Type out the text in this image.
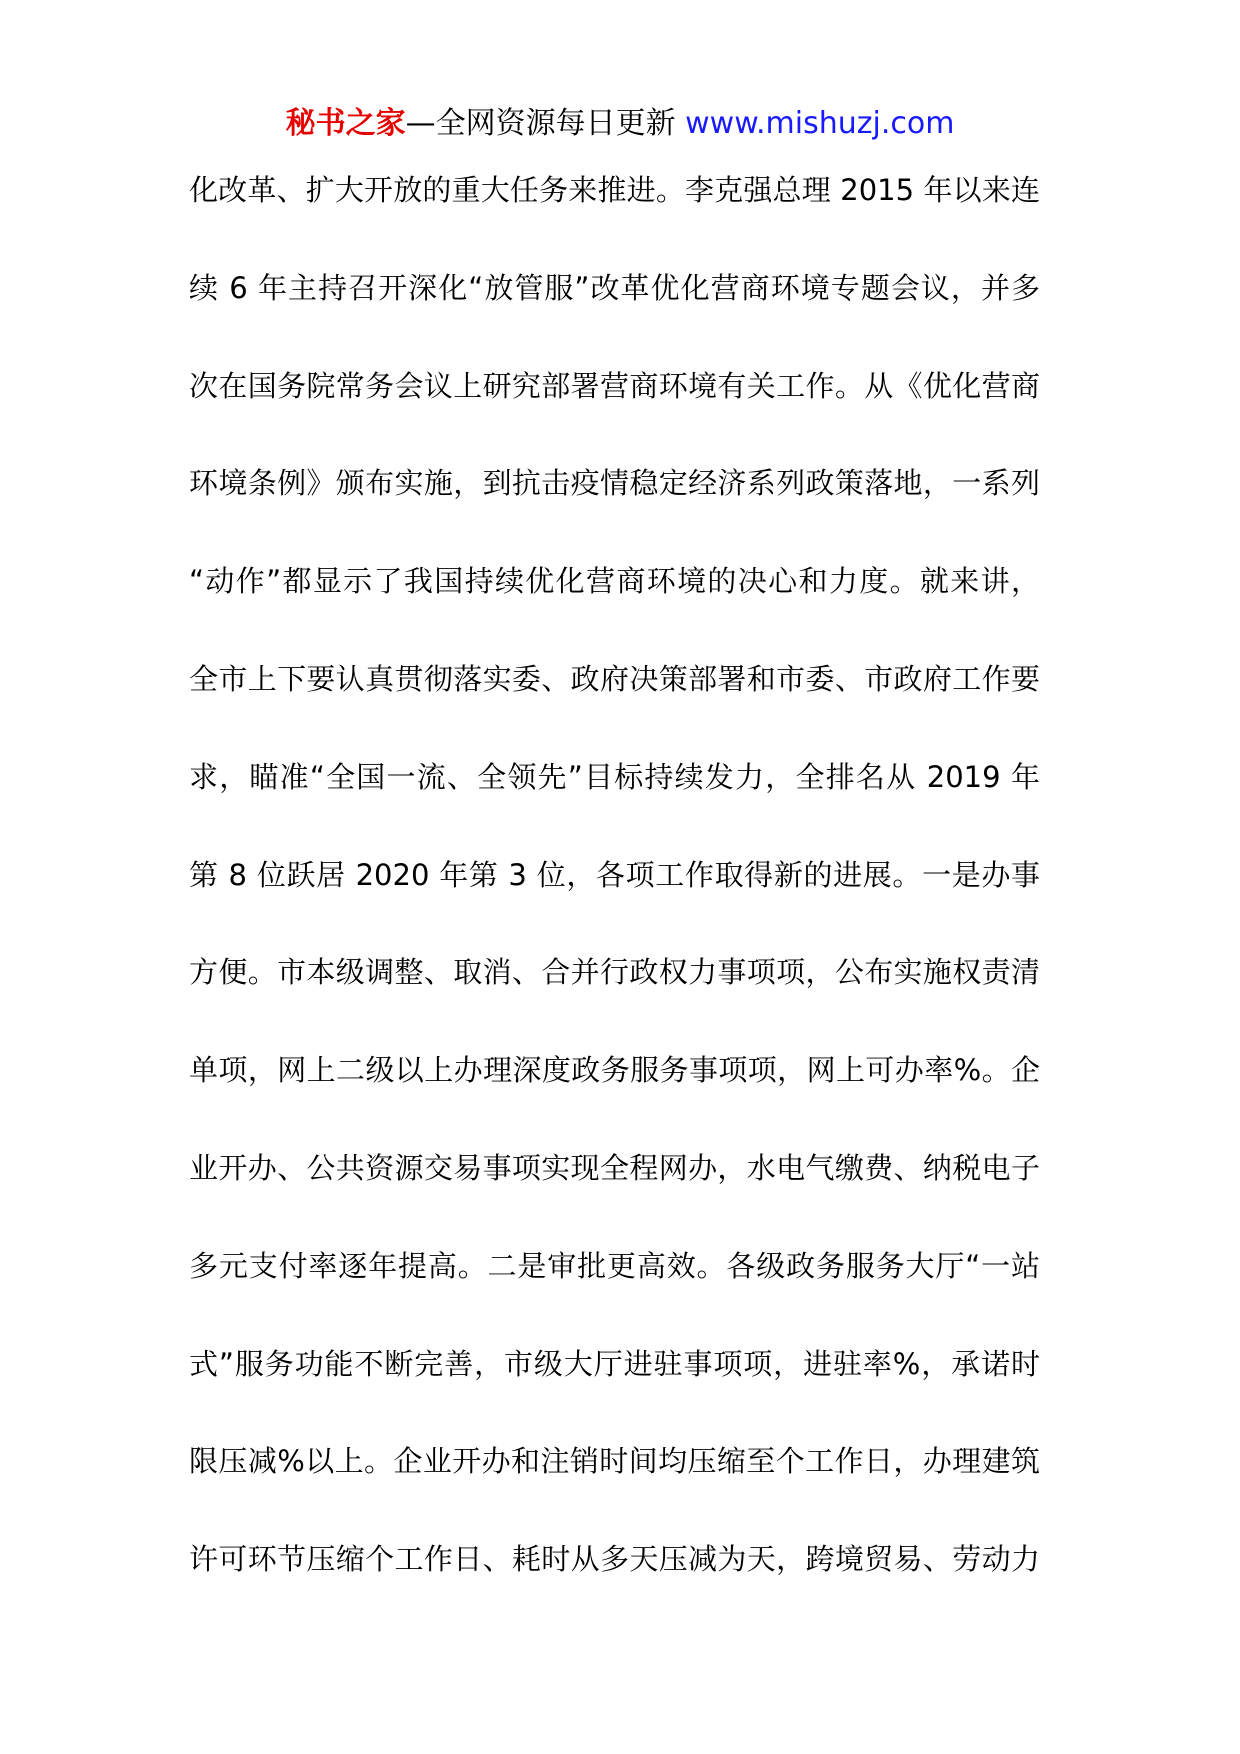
秘书之家—全网资源每日更新 www.mishuzj.com
化改革、扩大开放的重大任务来推进。李克强总理 2015 年以来连
续 6 年主持召开深化“放管服”改革优化营商环境专题会议，并多
次在国务院常务会议上研究部署营商环境有关工作。从《优化营商
环境条例》颁布实施，到抗击疫情稳定经济系列政策落地，一系列
“动作”都显示了我国持续优化营商环境的决心和力度。就来讲，
全市上下要认真贯彻落实委、政府决策部署和市委、市政府工作要
求，瞄准“全国一流、全领先”目标持续发力，全排名从 2019 年
第 8 位跃居 2020 年第 3 位，各项工作取得新的进展。一是办事
方便。市本级调整、取消、合并行政权力事项项，公布实施权责清
单项，网上二级以上办理深度政务服务事项项，网上可办率%。企
业开办、公共资源交易事项实现全程网办，水电气缴费、纳税电子
多元支付率逐年提高。二是审批更高效。各级政务服务大厅“一站
式”服务功能不断完善，市级大厅进驻事项项，进驻率%，承诺时
限压减%以上。企业开办和注销时间均压缩至个工作日，办理建筑
许可环节压缩个工作日、耗时从多天压减为天，跨境贸易、劳动力
